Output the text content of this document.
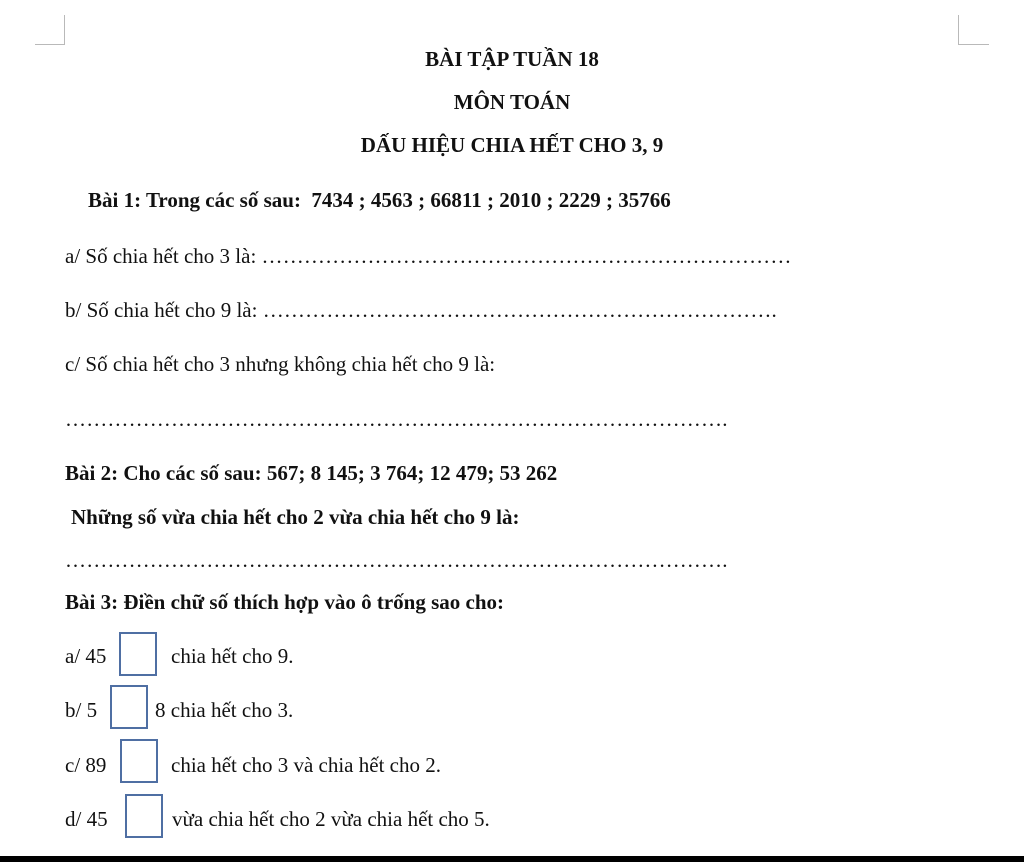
BÀI TẬP TUẦN 18
MÔN TOÁN
DẤU HIỆU CHIA HẾT CHO 3, 9
Bài 1: Trong các số sau:  7434 ; 4563 ; 66811 ; 2010 ; 2229 ; 35766
a/ Số chia hết cho 3 là: …………………………………………………………………
b/ Số chia hết cho 9 là: ……………………………………………………………….
c/ Số chia hết cho 3 nhưng không chia hết cho 9 là:
………………………………………………………………………………….
Bài 2: Cho các số sau: 567; 8 145; 3 764; 12 479; 53 262
Những số vừa chia hết cho 2 vừa chia hết cho 9 là:
………………………………………………………………………………….
Bài 3: Điền chữ số thích hợp vào ô trống sao cho:
a/ 45	chia hết cho 9.
b/ 5	8 chia hết cho 3.
c/ 89	chia hết cho 3 và chia hết cho 2.
d/ 45	vừa chia hết cho 2 vừa chia hết cho 5.
